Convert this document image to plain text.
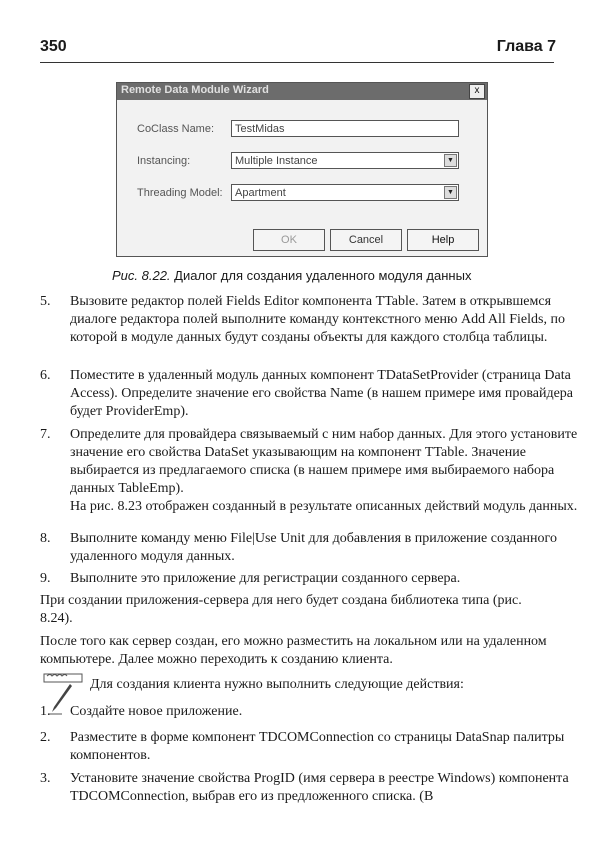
350	Глава 7
Remote Data Module Wizard	x
CoClass Name:	TestMidas
Instancing:	Multiple Instance	▼
Threading Model:	Apartment	▼
OK	Cancel	Help
Рис. 8.22. Диалог для создания удаленного модуля данных
5. Вызовите редактор полей Fields Editor компонента TTable. Затем в открывшемся диалоге редактора полей выполните команду контекстного меню Add All Fields, по которой в модуле данных будут созданы объекты для каждого столбца таблицы.
6. Поместите в удаленный модуль данных компонент TDataSetProvider (страница Data Access). Определите значение его свойства Name (в нашем примере имя провайдера будет ProviderEmp).
7. Определите для провайдера связываемый с ним набор данных. Для этого установите значение его свойства DataSet указывающим на компонент TTable. Значение выбирается из предлагаемого списка (в нашем примере имя выбираемого набора данных TableEmp).
На рис. 8.23 отображен созданный в результате описанных действий модуль данных.
8. Выполните команду меню File|Use Unit для добавления в приложение созданного удаленного модуля данных.
9. Выполните это приложение для регистрации созданного сервера.
При создании приложения-сервера для него будет создана библиотека типа (рис. 8.24).
После того как сервер создан, его можно разместить на локальном или на удаленном компьютере. Далее можно переходить к созданию клиента.
Для создания клиента нужно выполнить следующие действия:
1. Создайте новое приложение.
2. Разместите в форме компонент TDCOMConnection со страницы DataSnap палитры компонентов.
3. Установите значение свойства ProgID (имя сервера в реестре Windows) компонента TDCOMConnection, выбрав его из предложенного списка. (В
